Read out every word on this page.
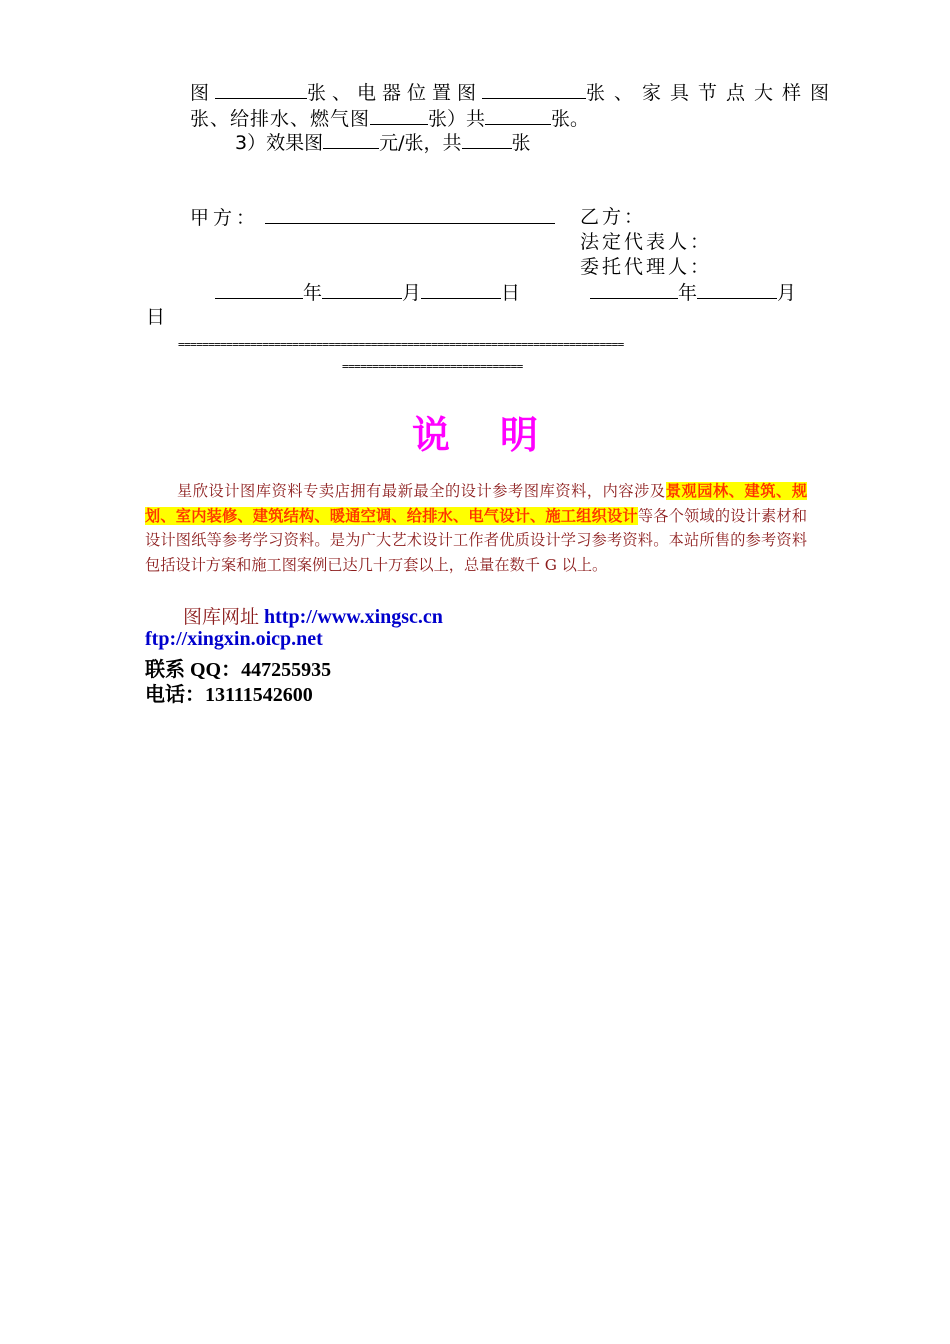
图	张、电器位置图	张、家具节点大样图
张、给排水、燃气图	张）共	张。
3）效果图	元/张，共	张
甲方：	乙方：
法定代表人：
委托代理人：
年	月	日	年	月
日
==========================================================================
==============================
说明
星欣设计图库资料专卖店拥有最新最全的设计参考图库资料，内容涉及景观园林、建筑、规划、室内装修、建筑结构、暖通空调、给排水、电气设计、施工组织设计等各个领域的设计素材和设计图纸等参考学习资料。是为广大艺术设计工作者优质设计学习参考资料。本站所售的参考资料包括设计方案和施工图案例已达几十万套以上，总量在数千 G 以上。
图库网址 http://www.xingsc.cn
ftp://xingxin.oicp.net
联系 QQ：447255935
电话：13111542600
